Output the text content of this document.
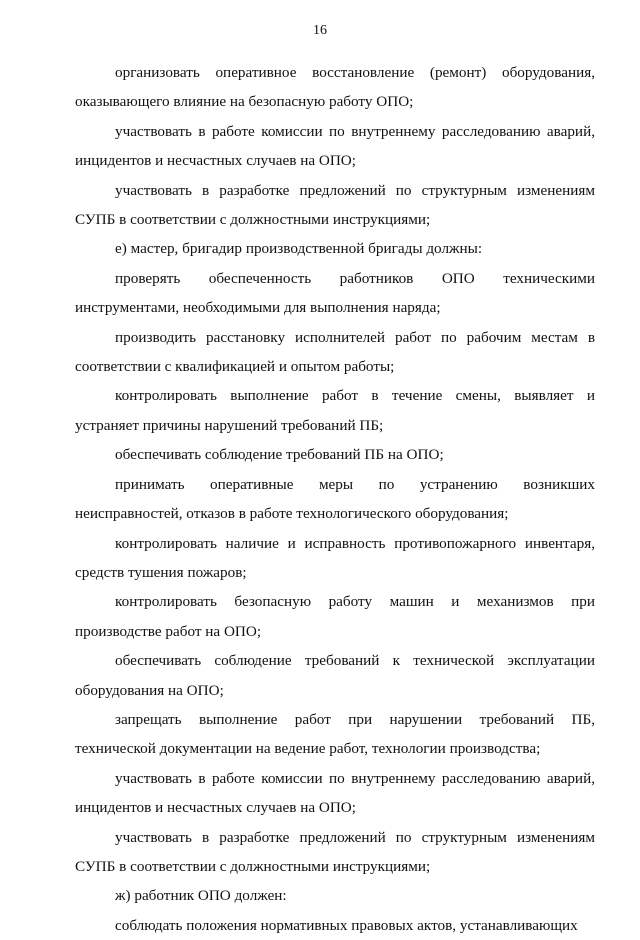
16

организовать оперативное восстановление (ремонт) оборудования, оказывающего влияние на безопасную работу ОПО;

участвовать в работе комиссии по внутреннему расследованию аварий, инцидентов и несчастных случаев на ОПО;

участвовать в разработке предложений по структурным изменениям СУПБ в соответствии с должностными инструкциями;

е) мастер, бригадир производственной бригады должны:

проверять обеспеченность работников ОПО техническими инструментами, необходимыми для выполнения наряда;

производить расстановку исполнителей работ по рабочим местам в соответствии с квалификацией и опытом работы;

контролировать выполнение работ в течение смены, выявляет и устраняет причины нарушений требований ПБ;

обеспечивать соблюдение требований ПБ на ОПО;

принимать оперативные меры по устранению возникших неисправностей, отказов в работе технологического оборудования;

контролировать наличие и исправность противопожарного инвентаря, средств тушения пожаров;

контролировать безопасную работу машин и механизмов при производстве работ на ОПО;

обеспечивать соблюдение требований к технической эксплуатации оборудования на ОПО;

запрещать выполнение работ при нарушении требований ПБ, технической документации на ведение работ, технологии производства;

участвовать в работе комиссии по внутреннему расследованию аварий, инцидентов и несчастных случаев на ОПО;

участвовать в разработке предложений по структурным изменениям СУПБ в соответствии с должностными инструкциями;

ж) работник ОПО должен:

соблюдать положения нормативных правовых актов, устанавливающих
